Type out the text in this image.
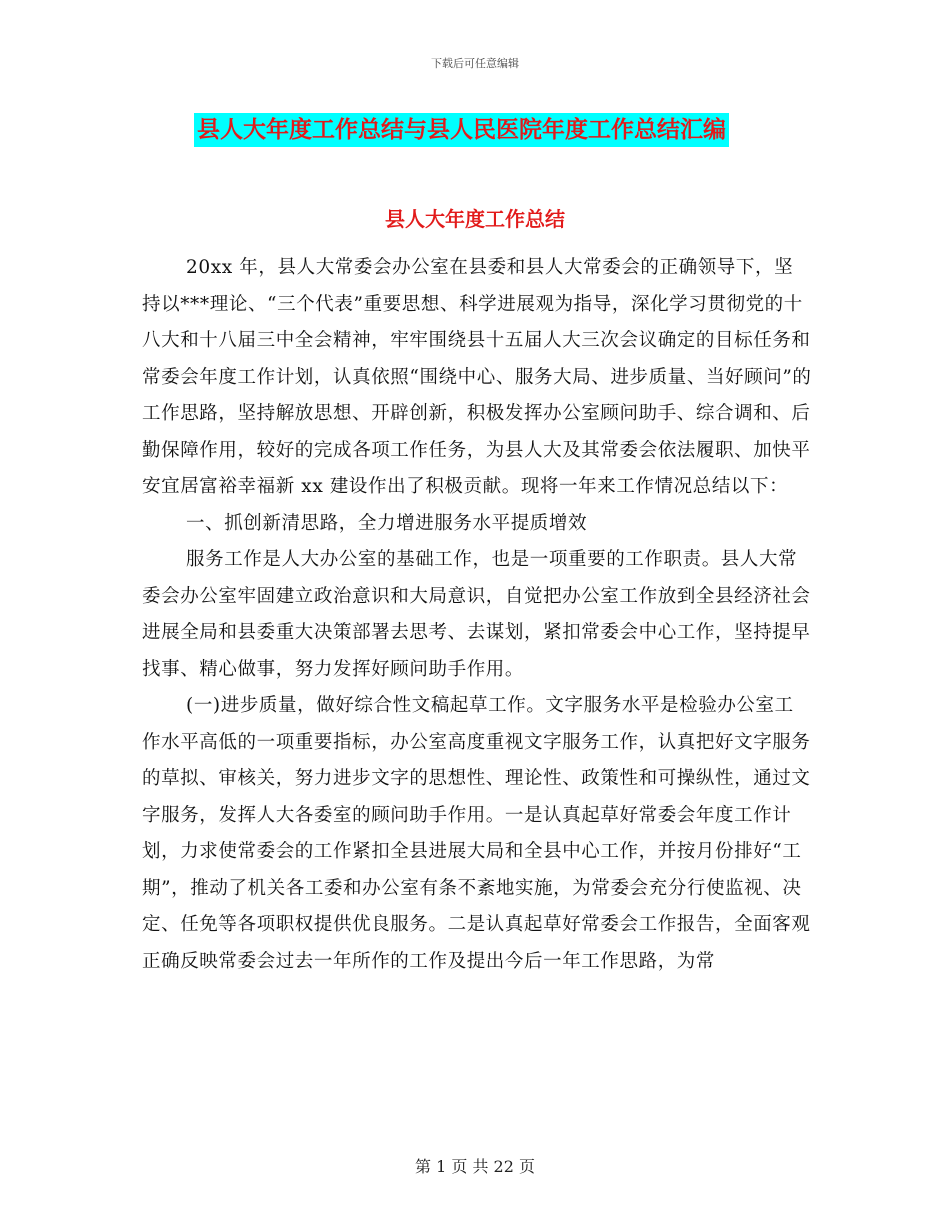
下载后可任意编辑
县人大年度工作总结与县人民医院年度工作总结汇编
县人大年度工作总结

20xx 年，县人大常委会办公室在县委和县人大常委会的正确领导下，坚持以***理论、“三个代表”重要思想、科学进展观为指导，深化学习贯彻党的十八大和十八届三中全会精神，牢牢围绕县十五届人大三次会议确定的目标任务和常委会年度工作计划，认真依照“围绕中心、服务大局、进步质量、当好顾问”的工作思路，坚持解放思想、开辟创新，积极发挥办公室顾问助手、综合调和、后勤保障作用，较好的完成各项工作任务，为县人大及其常委会依法履职、加快平安宜居富裕幸福新 xx 建设作出了积极贡献。现将一年来工作情况总结以下：

一、抓创新清思路，全力增进服务水平提质增效

服务工作是人大办公室的基础工作，也是一项重要的工作职责。县人大常委会办公室牢固建立政治意识和大局意识，自觉把办公室工作放到全县经济社会进展全局和县委重大决策部署去思考、去谋划，紧扣常委会中心工作，坚持提早找事、精心做事，努力发挥好顾问助手作用。

(一)进步质量，做好综合性文稿起草工作。文字服务水平是检验办公室工作水平高低的一项重要指标，办公室高度重视文字服务工作，认真把好文字服务的草拟、审核关，努力进步文字的思想性、理论性、政策性和可操纵性，通过文字服务，发挥人大各委室的顾问助手作用。一是认真起草好常委会年度工作计划，力求使常委会的工作紧扣全县进展大局和全县中心工作，并按月份排好“工期”，推动了机关各工委和办公室有条不紊地实施，为常委会充分行使监视、决定、任免等各项职权提供优良服务。二是认真起草好常委会工作报告，全面客观正确反映常委会过去一年所作的工作及提出今后一年工作思路，为常

第 1 页 共 22 页
